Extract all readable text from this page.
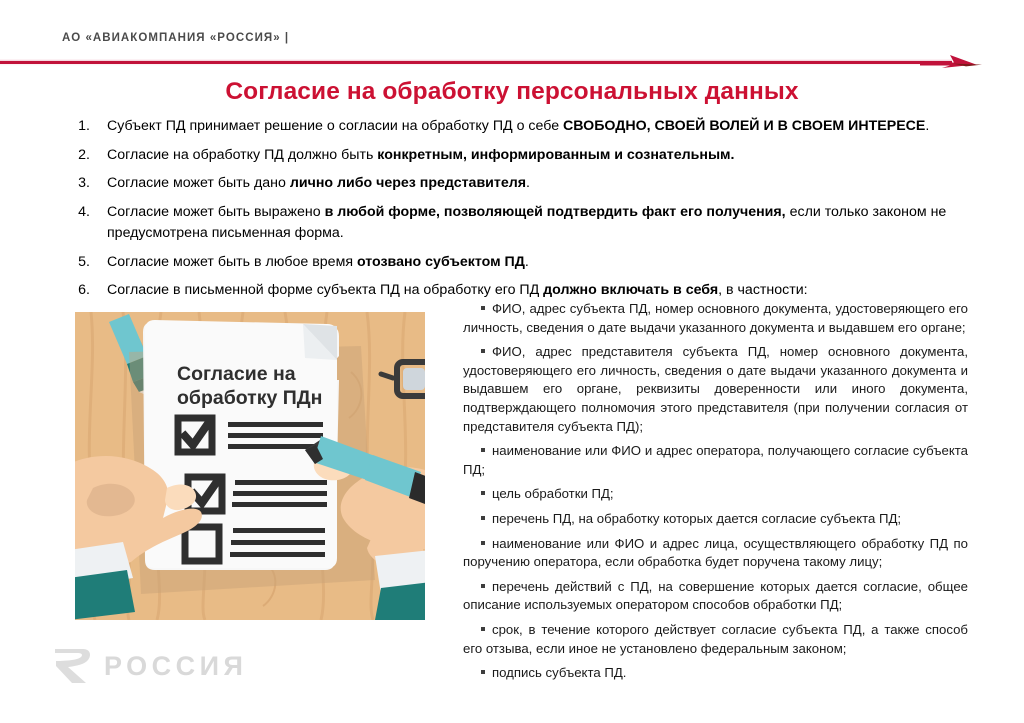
АО «АВИАКОМПАНИЯ «РОССИЯ» |
Согласие на обработку персональных данных
1. Субъект ПД принимает решение о согласии на обработку ПД о себе СВОБОДНО, СВОЕЙ ВОЛЕЙ И В СВОЕМ ИНТЕРЕСЕ.
2. Согласие на обработку ПД должно быть конкретным, информированным и сознательным.
3. Согласие может быть дано лично либо через представителя.
4. Согласие может быть выражено в любой форме, позволяющей подтвердить факт его получения, если только законом не предусмотрена письменная форма.
5. Согласие может быть в любое время отозвано субъектом ПД.
6. Согласие в письменной форме субъекта ПД на обработку его ПД должно включать в себя, в частности:
Согласие на
обработку ПДн
ФИО, адрес субъекта ПД, номер основного документа, удостоверяющего его личность, сведения о дате выдачи указанного документа и выдавшем его органе;
ФИО, адрес представителя субъекта ПД, номер основного документа, удостоверяющего его личность, сведения о дате выдачи указанного документа и выдавшем его органе, реквизиты доверенности или иного документа, подтверждающего полномочия этого представителя (при получении согласия от представителя субъекта ПД);
наименование или ФИО и адрес оператора, получающего согласие субъекта ПД;
цель обработки ПД;
перечень ПД, на обработку которых дается согласие субъекта ПД;
наименование или ФИО и адрес лица, осуществляющего обработку ПД по поручению оператора, если обработка будет поручена такому лицу;
перечень действий с ПД, на совершение которых дается согласие, общее описание используемых оператором способов обработки ПД;
срок, в течение которого действует согласие субъекта ПД, а также способ его отзыва, если иное не установлено федеральным законом;
подпись субъекта ПД.
РОССИЯ
